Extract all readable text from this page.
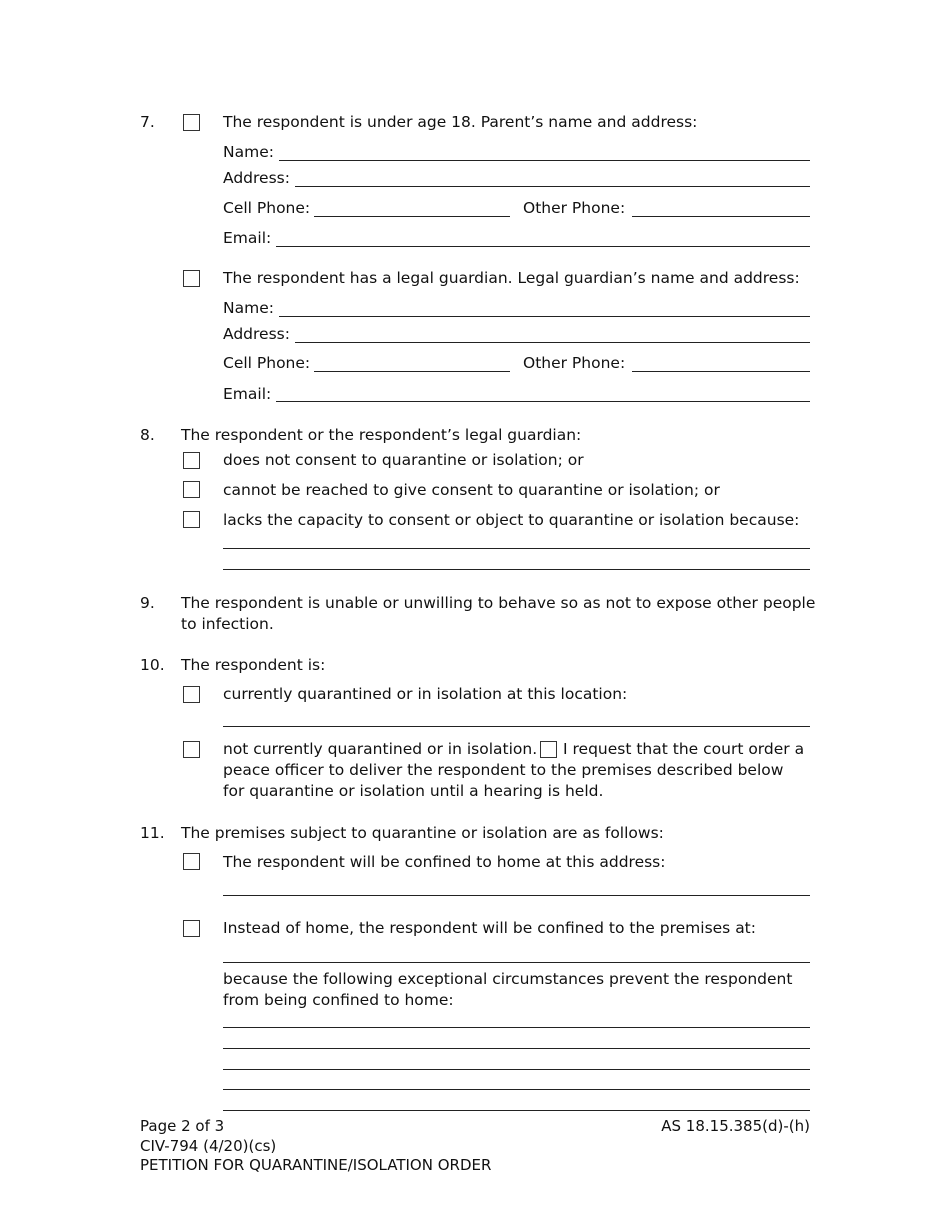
7.	The respondent is under age 18. Parent’s name and address:
Name:
Address:
Cell Phone:	Other Phone:
Email:
The respondent has a legal guardian. Legal guardian’s name and address:
Name:
Address:
Cell Phone:	Other Phone:
Email:
8. The respondent or the respondent’s legal guardian:
does not consent to quarantine or isolation; or
cannot be reached to give consent to quarantine or isolation; or
lacks the capacity to consent or object to quarantine or isolation because:
9. The respondent is unable or unwilling to behave so as not to expose other people to infection.
10. The respondent is:
currently quarantined or in isolation at this location:
not currently quarantined or in isolation.	I request that the court order a peace officer to deliver the respondent to the premises described below for quarantine or isolation until a hearing is held.
11. The premises subject to quarantine or isolation are as follows:
The respondent will be confined to home at this address:
Instead of home, the respondent will be confined to the premises at:
because the following exceptional circumstances prevent the respondent from being confined to home:
Page 2 of 3
CIV-794 (4/20)(cs)
PETITION FOR QUARANTINE/ISOLATION ORDER
AS 18.15.385(d)-(h)
